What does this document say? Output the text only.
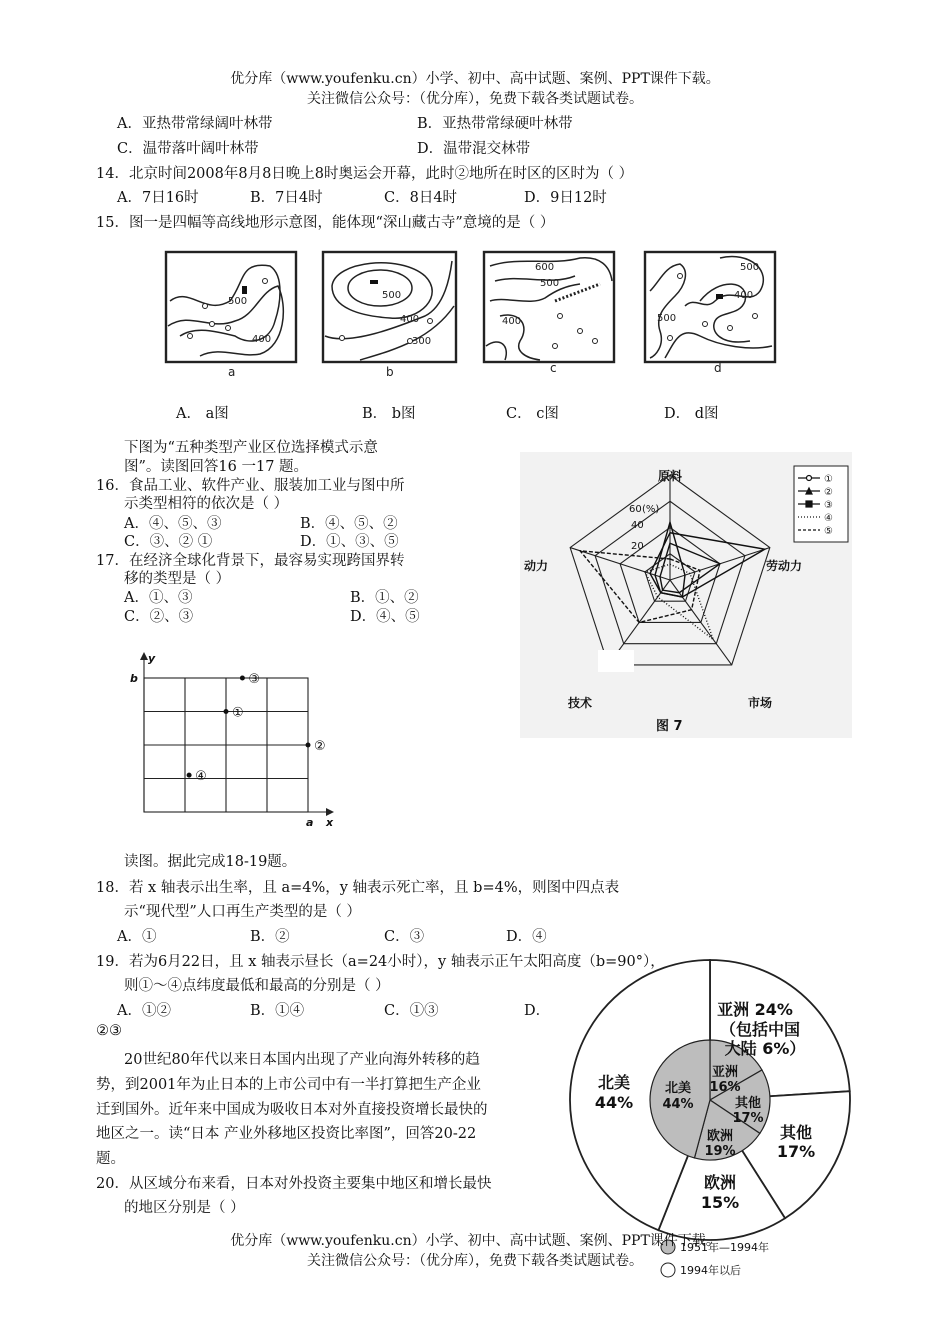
优分库（www.youfenku.cn）小学、初中、高中试题、案例、PPT课件下载。
关注微信公众号：（优分库），免费下载各类试题试卷。
A．亚热带常绿阔叶林带	B．亚热带常绿硬叶林带
C．温带落叶阔叶林带	D．温带混交林带
14．北京时间2008年8月8日晚上8时奥运会开幕，此时②地所在时区的区时为（ ）
A．7日16时	B．7日4时	C．8日4时	D．9日12时
15．图一是四幅等高线地形示意图，能体现“深山藏古寺”意境的是（ ）
500
400
500
400
300
600
500
400
500
400
500
a	b	c	d
A． a图	B． b图	C． c图	D． d图
下图为“五种类型产业区位选择模式示意
图”。读图回答16 一17 题。
16．食品工业、软件产业、服装加工业与图中所
示类型相符的依次是（ ）
A．④、⑤、③	B．④、⑤、②
C．③、② ①	D．①、③、⑤
17．在经济全球化背景下，最容易实现跨国界转
移的类型是（ ）
A．①、③	B．①、②
C．②、③	D．④、⑤
原料
劳动力
市场
技术
动力
60 (%)
40
20
①
②
③
④
⑤
图 7
y
b
a x
①
②
③
④
读图。据此完成18-19题。
18．若 x 轴表示出生率，且 a=4%，y 轴表示死亡率，且 b=4%，则图中四点表
示“现代型”人口再生产类型的是（ ）
A．①	B．②	C．③	D．④
19．若为6月22日，且 x 轴表示昼长（a=24小时），y 轴表示正午太阳高度（b=90°），
则①～④点纬度最低和最高的分别是（ ）
A．①②	B．①④	C．①③	D．
②③
20世纪80年代以来日本国内出现了产业向海外转移的趋
势，到2001年为止日本的上市公司中有一半打算把生产企业
迁到国外。近年来中国成为吸收日本对外直接投资增长最快的
地区之一。读“日本 产业外移地区投资比率图”，回答20-22
题。
20．从区域分布来看，日本对外投资主要集中地区和增长最快
的地区分别是（ ）
亚洲 24%
（包括中国
大陆 6%）
其他
17%
欧洲
15%
北美
44%
亚洲
16%
其他
17%
欧洲
19%
北美
44%
1951年—1994年
1994年以后
优分库（www.youfenku.cn）小学、初中、高中试题、案例、PPT课件下载。
关注微信公众号：（优分库），免费下载各类试题试卷。
